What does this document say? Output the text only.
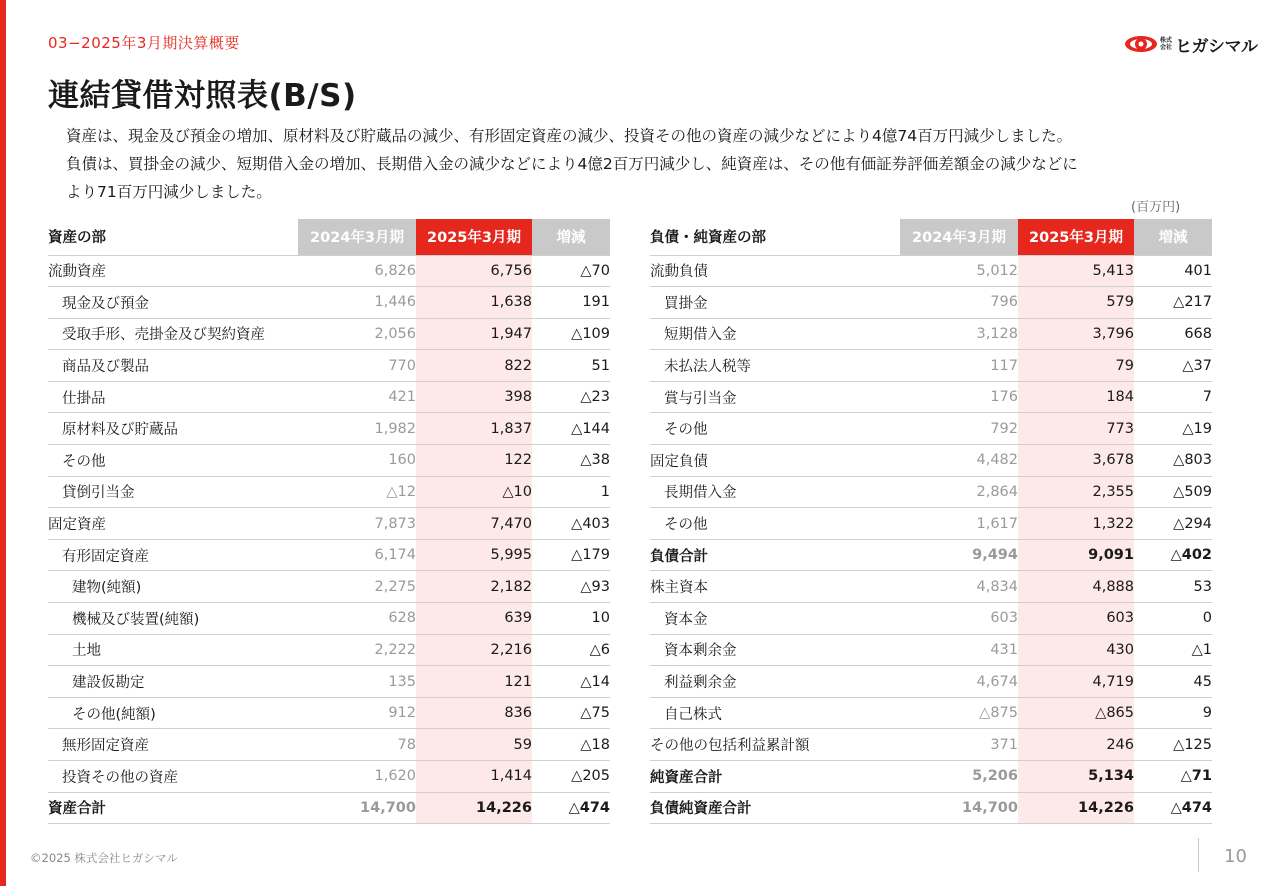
03−2025年3月期決算概要	株式
会社 ヒガシマル
連結貸借対照表(B/S)
資産は、現金及び預金の増加、原材料及び貯蔵品の減少、有形固定資産の減少、投資その他の資産の減少などにより4億74百万円減少しました。
負債は、買掛金の減少、短期借入金の増加、長期借入金の減少などにより4億2百万円減少し、純資産は、その他有価証券評価差額金の減少などに
より71百万円減少しました。
(百万円)
資産の部	2024年3月期	2025年3月期	増減
流動資産	6,826	6,756	△70
現金及び預金	1,446	1,638	191
受取手形、売掛金及び契約資産	2,056	1,947	△109
商品及び製品	770	822	51
仕掛品	421	398	△23
原材料及び貯蔵品	1,982	1,837	△144
その他	160	122	△38
貸倒引当金	△12	△10	1
固定資産	7,873	7,470	△403
有形固定資産	6,174	5,995	△179
建物(純額)	2,275	2,182	△93
機械及び装置(純額)	628	639	10
土地	2,222	2,216	△6
建設仮勘定	135	121	△14
その他(純額)	912	836	△75
無形固定資産	78	59	△18
投資その他の資産	1,620	1,414	△205
資産合計	14,700	14,226	△474
負債・純資産の部	2024年3月期	2025年3月期	増減
流動負債	5,012	5,413	401
買掛金	796	579	△217
短期借入金	3,128	3,796	668
未払法人税等	117	79	△37
賞与引当金	176	184	7
その他	792	773	△19
固定負債	4,482	3,678	△803
長期借入金	2,864	2,355	△509
その他	1,617	1,322	△294
負債合計	9,494	9,091	△402
株主資本	4,834	4,888	53
資本金	603	603	0
資本剰余金	431	430	△1
利益剰余金	4,674	4,719	45
自己株式	△875	△865	9
その他の包括利益累計額	371	246	△125
純資産合計	5,206	5,134	△71
負債純資産合計	14,700	14,226	△474
©2025 株式会社ヒガシマル	10
